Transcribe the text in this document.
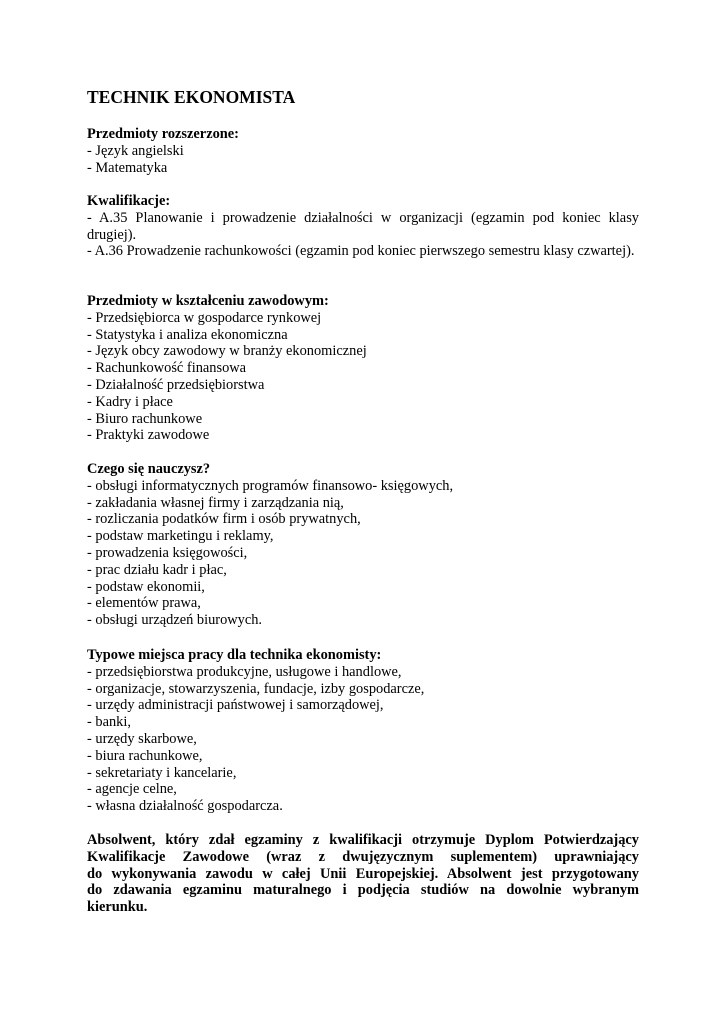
TECHNIK EKONOMISTA

Przedmioty rozszerzone:

- Język angielski

- Matematyka

Kwalifikacje:

- A.35 Planowanie i prowadzenie działalności w organizacji (egzamin pod koniec klasy drugiej).

- A.36 Prowadzenie rachunkowości (egzamin pod koniec pierwszego semestru klasy czwartej).

Przedmioty w kształceniu zawodowym:

- Przedsiębiorca w gospodarce rynkowej

- Statystyka i analiza ekonomiczna

- Język obcy zawodowy w branży ekonomicznej

- Rachunkowość finansowa

- Działalność przedsiębiorstwa

- Kadry i płace

- Biuro rachunkowe

- Praktyki zawodowe

Czego się nauczysz?

- obsługi informatycznych programów finansowo- księgowych,

- zakładania własnej firmy i zarządzania nią,

- rozliczania podatków firm i osób prywatnych,

- podstaw marketingu i reklamy,

- prowadzenia księgowości,

- prac działu kadr i płac,

- podstaw ekonomii,

- elementów prawa,

- obsługi urządzeń biurowych.

Typowe miejsca pracy dla technika ekonomisty:

- przedsiębiorstwa produkcyjne, usługowe i handlowe,

- organizacje, stowarzyszenia, fundacje, izby gospodarcze,

- urzędy administracji państwowej i samorządowej,

- banki,

- urzędy skarbowe,

- biura rachunkowe,

- sekretariaty i kancelarie,

- agencje celne,

- własna działalność gospodarcza.

Absolwent, który zdał egzaminy z kwalifikacji otrzymuje Dyplom Potwierdzający
Kwalifikacje Zawodowe (wraz z dwujęzycznym suplementem) uprawniający
do wykonywania zawodu w całej Unii Europejskiej. Absolwent jest przygotowany
do zdawania egzaminu maturalnego i podjęcia studiów na dowolnie wybranym
kierunku.
